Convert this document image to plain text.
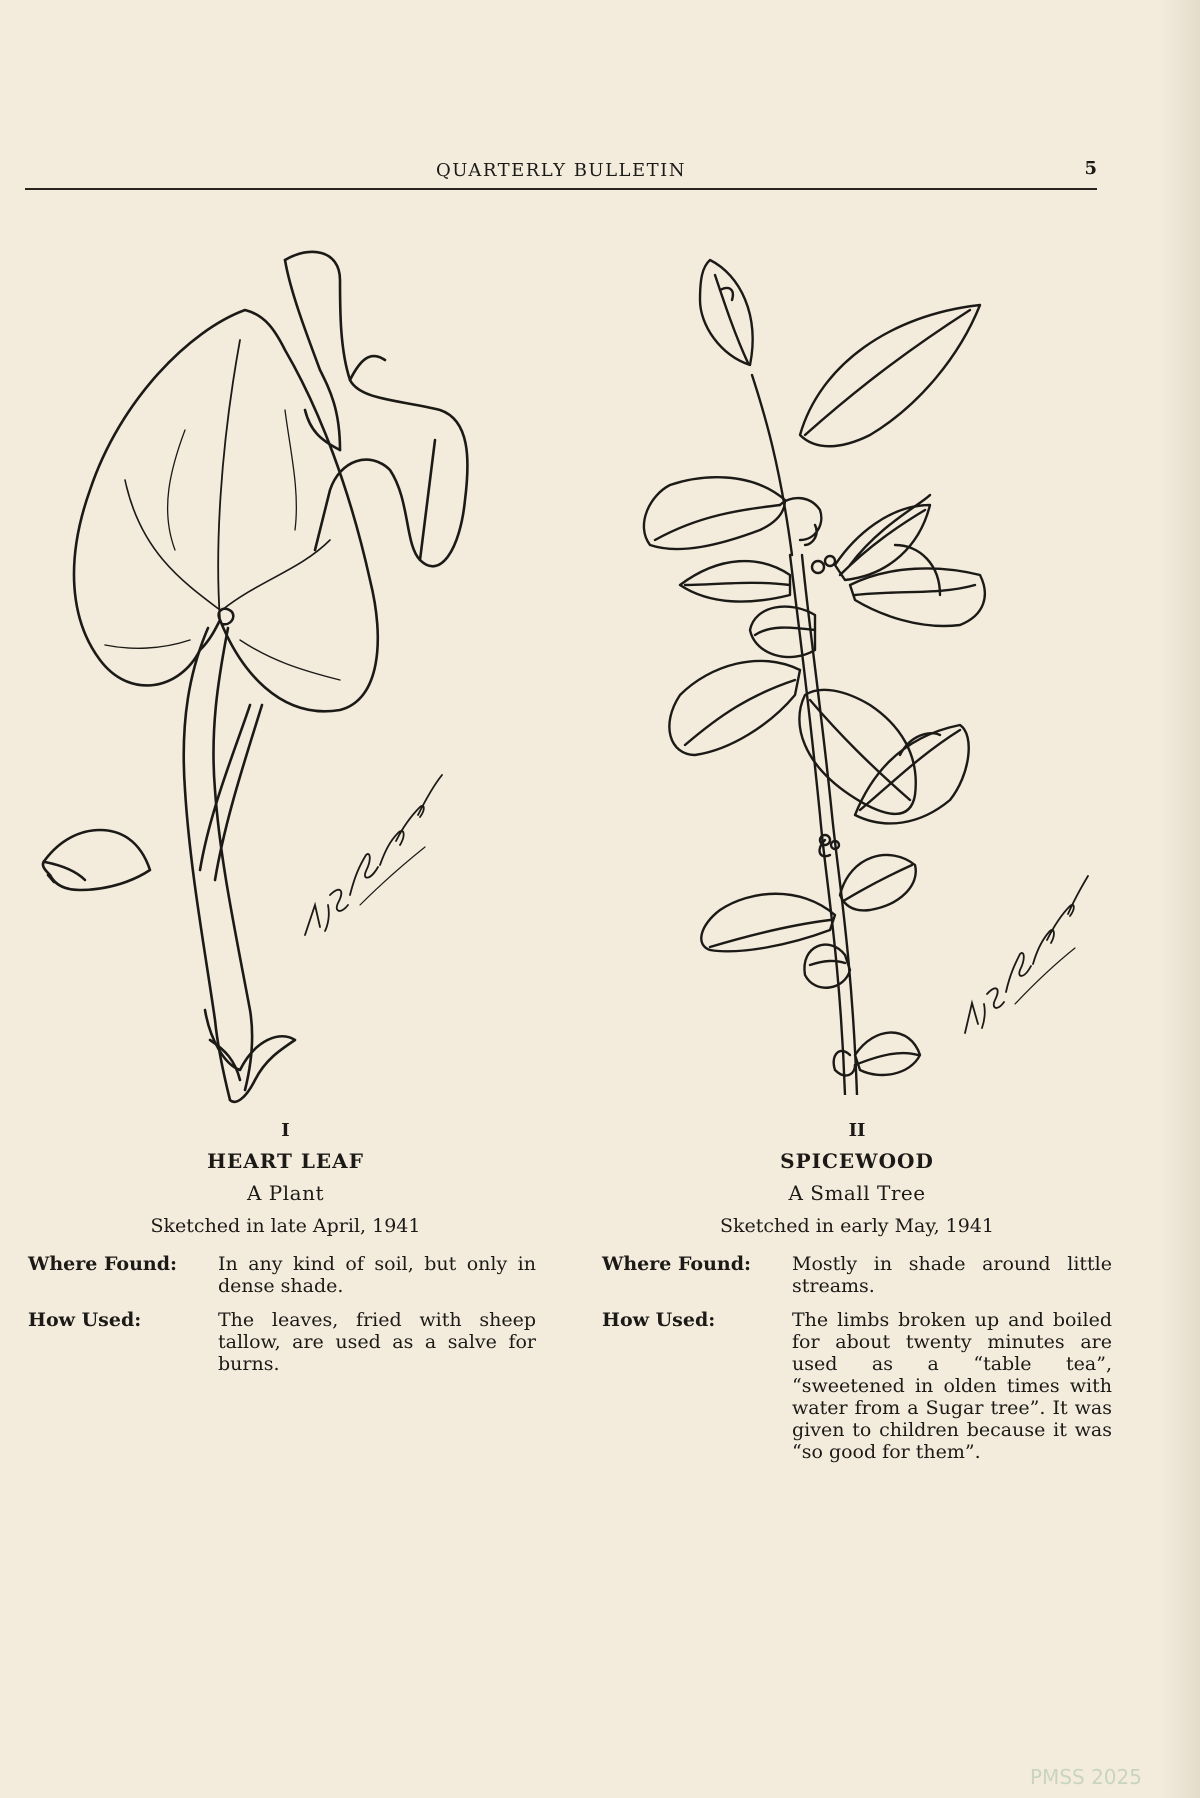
QUARTERLY BULLETIN	5
I
HEART LEAF
A Plant
Sketched in late April, 1941
Where Found:	In any kind of soil, but only in dense shade.
How Used:	The leaves, fried with sheep tallow, are used as a salve for burns.
II
SPICEWOOD
A Small Tree
Sketched in early May, 1941
Where Found:	Mostly in shade around little streams.
How Used:	The limbs broken up and boiled for about twenty minutes are used as a “table tea”, “sweetened in olden times with water from a Sugar tree”. It was given to children because it was “so good for them”.
PMSS 2025
